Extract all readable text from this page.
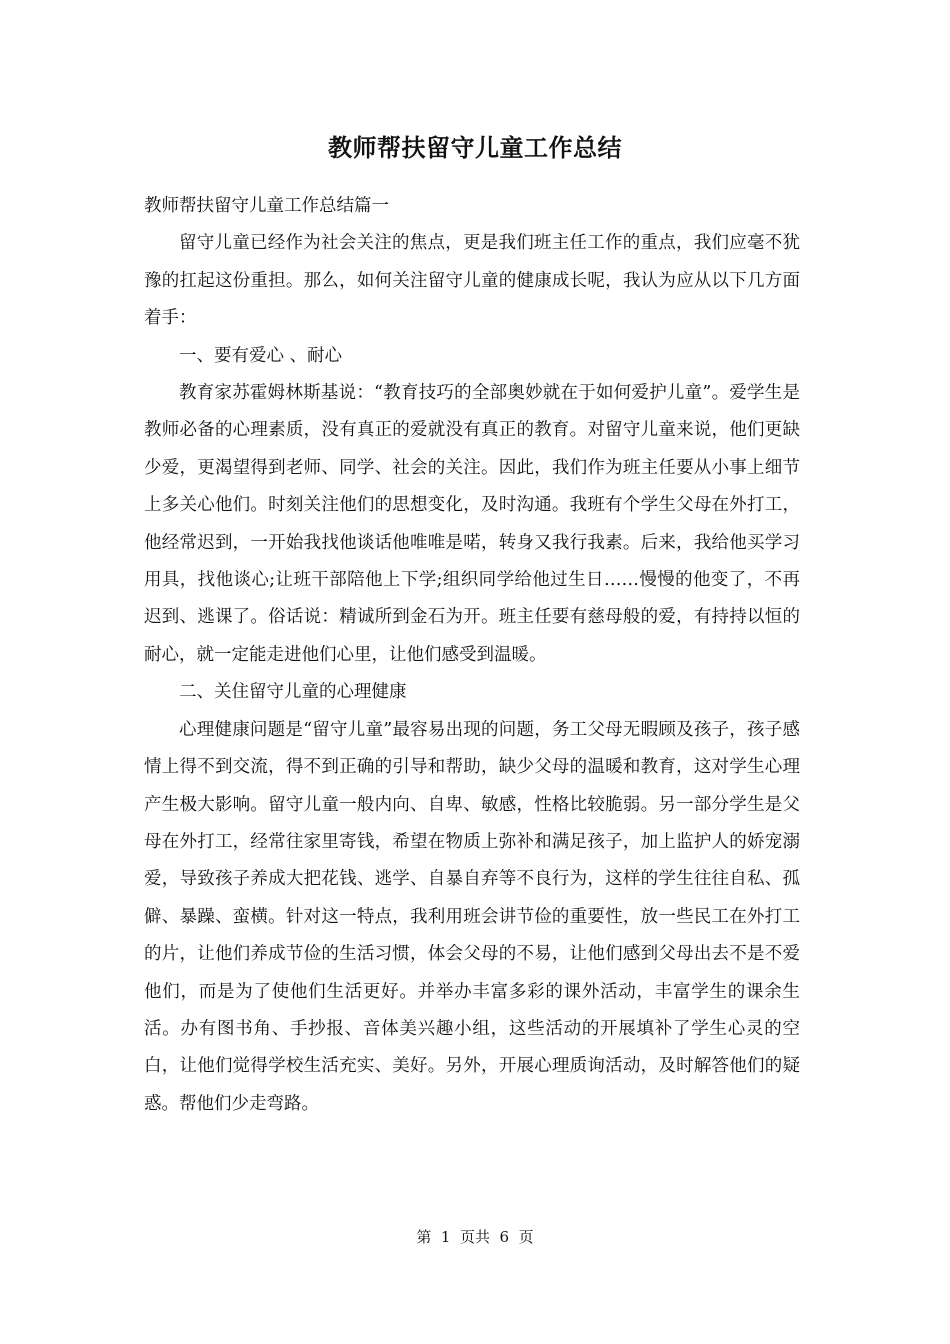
教师帮扶留守儿童工作总结

教师帮扶留守儿童工作总结篇一

留守儿童已经作为社会关注的焦点，更是我们班主任工作的重点，我们应毫不犹豫的扛起这份重担。那么，如何关注留守儿童的健康成长呢，我认为应从以下几方面着手：

一、要有爱心 、耐心

教育家苏霍姆林斯基说：“教育技巧的全部奥妙就在于如何爱护儿童”。爱学生是教师必备的心理素质，没有真正的爱就没有真正的教育。对留守儿童来说，他们更缺少爱，更渴望得到老师、同学、社会的关注。因此，我们作为班主任要从小事上细节上多关心他们。时刻关注他们的思想变化，及时沟通。我班有个学生父母在外打工，他经常迟到，一开始我找他谈话他唯唯是喏，转身又我行我素。后来，我给他买学习用具，找他谈心;让班干部陪他上下学;组织同学给他过生日……慢慢的他变了，不再迟到、逃课了。俗话说：精诚所到金石为开。班主任要有慈母般的爱，有持持以恒的耐心，就一定能走进他们心里，让他们感受到温暖。

二、关住留守儿童的心理健康

心理健康问题是“留守儿童”最容易出现的问题，务工父母无暇顾及孩子，孩子感情上得不到交流，得不到正确的引导和帮助，缺少父母的温暖和教育，这对学生心理产生极大影响。留守儿童一般内向、自卑、敏感，性格比较脆弱。另一部分学生是父母在外打工，经常往家里寄钱，希望在物质上弥补和满足孩子，加上监护人的娇宠溺爱，导致孩子养成大把花钱、逃学、自暴自弃等不良行为，这样的学生往往自私、孤僻、暴躁、蛮横。针对这一特点，我利用班会讲节俭的重要性，放一些民工在外打工的片，让他们养成节俭的生活习惯，体会父母的不易，让他们感到父母出去不是不爱他们，而是为了使他们生活更好。并举办丰富多彩的课外活动，丰富学生的课余生活。办有图书角、手抄报、音体美兴趣小组，这些活动的开展填补了学生心灵的空白，让他们觉得学校生活充实、美好。另外，开展心理质询活动，及时解答他们的疑惑。帮他们少走弯路。

第  1  页共  6  页
